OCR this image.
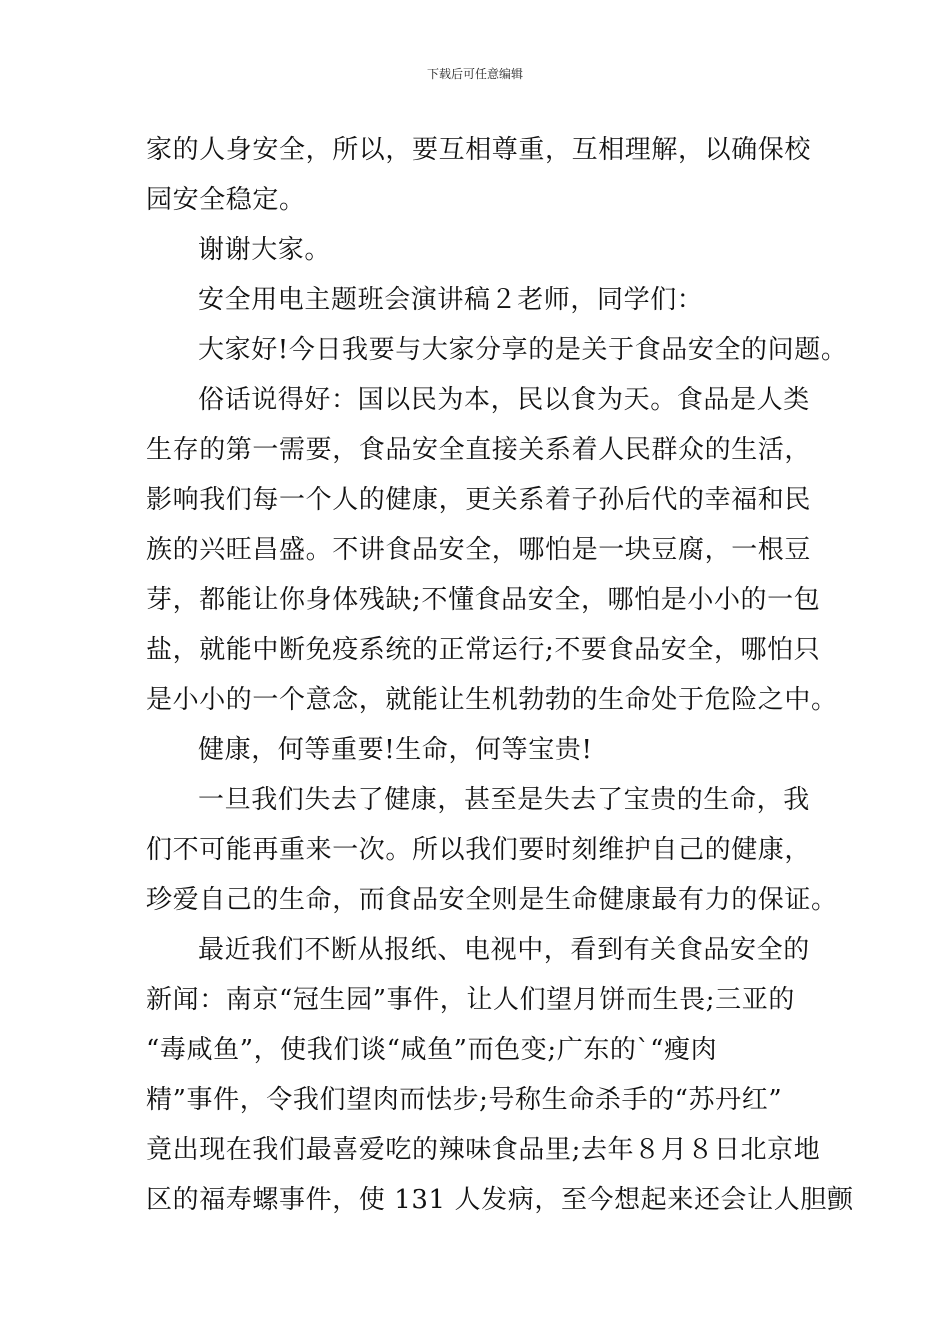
下载后可任意编辑
家的人身安全，所以，要互相尊重，互相理解，以确保校
园安全稳定。
谢谢大家。
安全用电主题班会演讲稿２老师，同学们：
大家好!今日我要与大家分享的是关于食品安全的问题。
俗话说得好：国以民为本，民以食为天。食品是人类
生存的第一需要，食品安全直接关系着人民群众的生活，
影响我们每一个人的健康，更关系着子孙后代的幸福和民
族的兴旺昌盛。不讲食品安全，哪怕是一块豆腐，一根豆
芽，都能让你身体残缺;不懂食品安全，哪怕是小小的一包
盐，就能中断免疫系统的正常运行;不要食品安全，哪怕只
是小小的一个意念，就能让生机勃勃的生命处于危险之中。
健康，何等重要!生命，何等宝贵!
一旦我们失去了健康，甚至是失去了宝贵的生命，我
们不可能再重来一次。所以我们要时刻维护自己的健康，
珍爱自己的生命，而食品安全则是生命健康最有力的保证。
最近我们不断从报纸、电视中，看到有关食品安全的
新闻：南京“冠生园”事件，让人们望月饼而生畏;三亚的
“毒咸鱼”，使我们谈“咸鱼”而色变;广东的`“瘦肉
精”事件，令我们望肉而怯步;号称生命杀手的“苏丹红”
竟出现在我们最喜爱吃的辣味食品里;去年８月８日北京地
区的福寿螺事件，使 131 人发病，至今想起来还会让人胆颤
